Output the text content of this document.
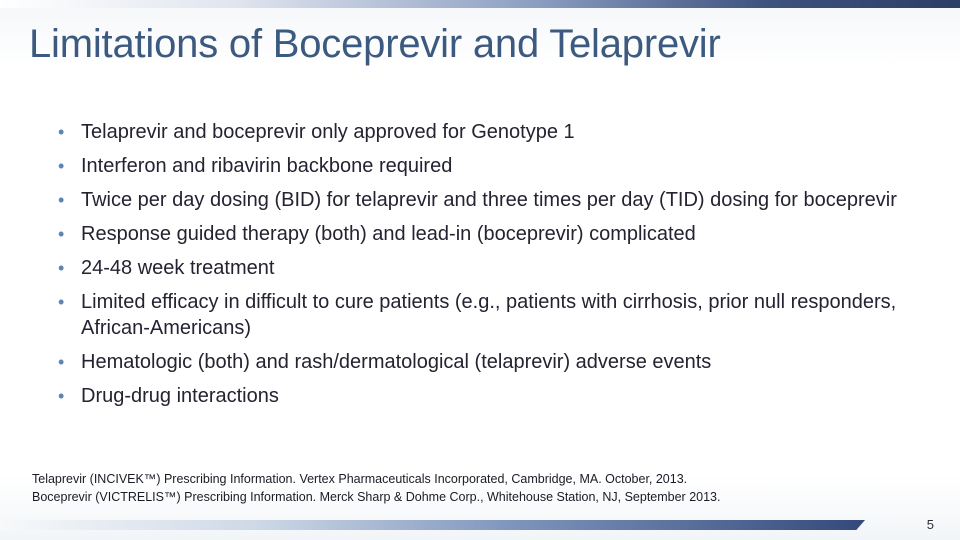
Limitations of Boceprevir and Telaprevir
• Telaprevir and boceprevir only approved for Genotype 1
• Interferon and ribavirin backbone required
• Twice per day dosing (BID) for telaprevir and three times per day (TID) dosing for boceprevir
• Response guided therapy (both) and lead-in (boceprevir) complicated
• 24-48 week treatment
• Limited efficacy in difficult to cure patients (e.g., patients with cirrhosis, prior null responders, African-Americans)
• Hematologic (both) and rash/dermatological (telaprevir) adverse events
• Drug-drug interactions
Telaprevir (INCIVEK™) Prescribing Information. Vertex Pharmaceuticals Incorporated, Cambridge, MA. October, 2013.
Boceprevir (VICTRELIS™) Prescribing Information. Merck Sharp & Dohme Corp., Whitehouse Station, NJ, September 2013.
5
